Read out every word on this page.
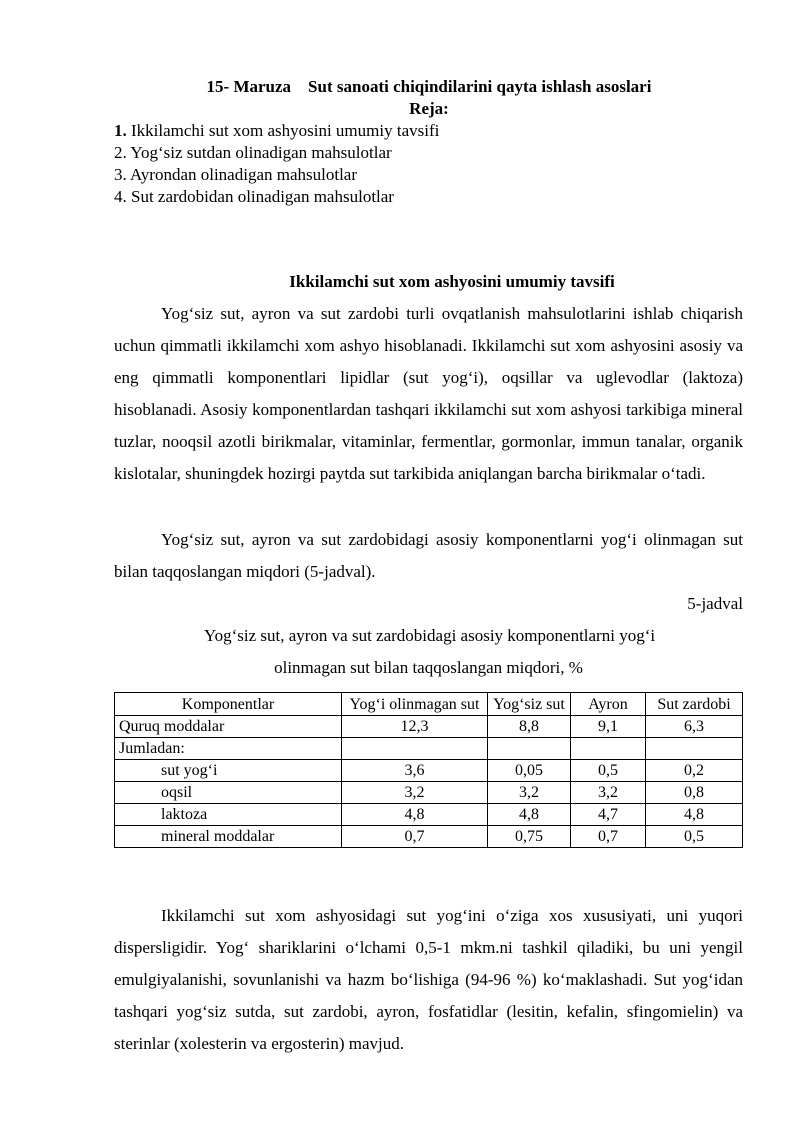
15- Maruza    Sut sanoati chiqindilarini qayta ishlash asoslari
Reja:
1. Ikkilamchi sut xom ashyosini umumiy tavsifi
2. Yog‘siz sutdan olinadigan mahsulotlar
3. Ayrondan olinadigan mahsulotlar
4. Sut zardobidan olinadigan mahsulotlar
Ikkilamchi sut xom ashyosini umumiy tavsifi

Yog‘siz sut, ayron va sut zardobi turli ovqatlanish mahsulotlarini ishlab chiqarish uchun qimmatli ikkilamchi xom ashyo hisoblanadi. Ikkilamchi sut xom ashyosini asosiy va eng qimmatli komponentlari lipidlar (sut yog‘i), oqsillar va uglevodlar (laktoza) hisoblanadi. Asosiy komponentlardan tashqari ikkilamchi sut xom ashyosi tarkibiga mineral tuzlar, nooqsil azotli birikmalar, vitaminlar, fermentlar, gormonlar, immun tanalar, organik kislotalar, shuningdek hozirgi paytda sut tarkibida aniqlangan barcha birikmalar o‘tadi.

Yog‘siz sut, ayron va sut zardobidagi asosiy komponentlarni yog‘i olinmagan sut bilan taqqoslangan miqdori (5-jadval).

5-jadval
Yog‘siz sut, ayron va sut zardobidagi asosiy komponentlarni yog‘i
olinmagan sut bilan taqqoslangan miqdori, %
Komponentlar	Yog‘i olinmagan sut	Yog‘siz sut	Ayron	Sut zardobi
Quruq moddalar	12,3	8,8	9,1	6,3
Jumladan:				
sut yog‘i	3,6	0,05	0,5	0,2
oqsil	3,2	3,2	3,2	0,8
laktoza	4,8	4,8	4,7	4,8
mineral moddalar	0,7	0,75	0,7	0,5

Ikkilamchi sut xom ashyosidagi sut yog‘ini o‘ziga xos xususiyati, uni yuqori dispersligidir. Yog‘ shariklarini o‘lchami 0,5-1 mkm.ni tashkil qiladiki, bu uni yengil emulgiyalanishi, sovunlanishi va hazm bo‘lishiga (94-96 %) ko‘maklashadi. Sut yog‘idan tashqari yog‘siz sutda, sut zardobi, ayron, fosfatidlar (lesitin, kefalin, sfingomielin) va sterinlar (xolesterin va ergosterin) mavjud.
